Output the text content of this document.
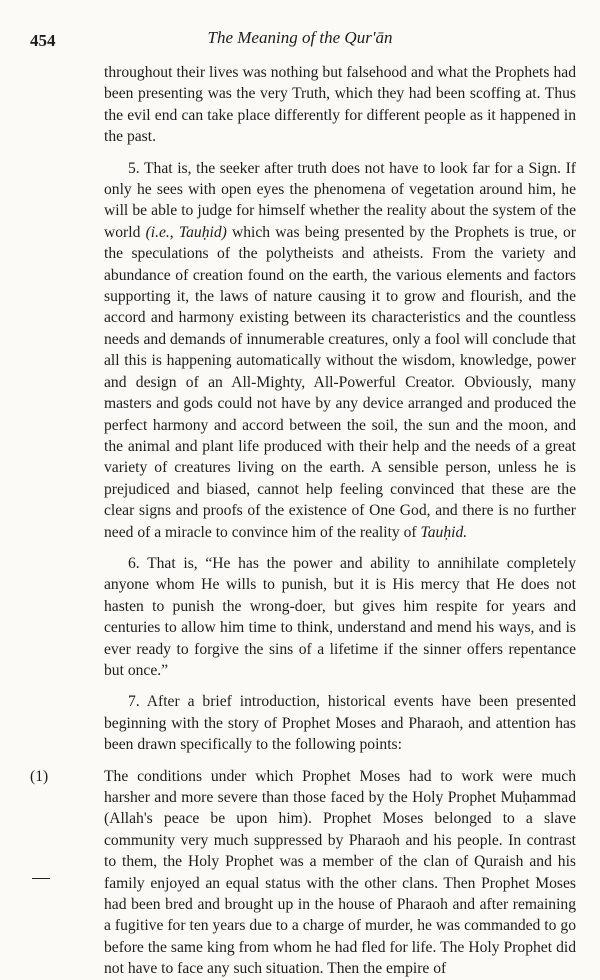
454	The Meaning of the Qur'ān

throughout their lives was nothing but falsehood and what the Prophets had been presenting was the very Truth, which they had been scoffing at. Thus the evil end can take place differently for different people as it happened in the past.

5. That is, the seeker after truth does not have to look far for a Sign. If only he sees with open eyes the phenomena of vegetation around him, he will be able to judge for himself whether the reality about the system of the world (i.e., Tauḥid) which was being presented by the Prophets is true, or the speculations of the polytheists and atheists. From the variety and abundance of creation found on the earth, the various elements and factors supporting it, the laws of nature causing it to grow and flourish, and the accord and harmony existing between its characteristics and the countless needs and demands of innumerable creatures, only a fool will conclude that all this is happening automatically without the wisdom, knowledge, power and design of an All-Mighty, All-Powerful Creator. Obviously, many masters and gods could not have by any device arranged and produced the perfect harmony and accord between the soil, the sun and the moon, and the animal and plant life produced with their help and the needs of a great variety of creatures living on the earth. A sensible person, unless he is prejudiced and biased, cannot help feeling convinced that these are the clear signs and proofs of the existence of One God, and there is no further need of a miracle to convince him of the reality of Tauḥid.

6. That is, “He has the power and ability to annihilate completely anyone whom He wills to punish, but it is His mercy that He does not hasten to punish the wrong-doer, but gives him respite for years and centuries to allow him time to think, understand and mend his ways, and is ever ready to forgive the sins of a lifetime if the sinner offers repentance but once.”

7. After a brief introduction, historical events have been presented beginning with the story of Prophet Moses and Pharaoh, and attention has been drawn specifically to the following points:

(1)	The conditions under which Prophet Moses had to work were much harsher and more severe than those faced by the Holy Prophet Muḥammad (Allah's peace be upon him). Prophet Moses belonged to a slave community very much suppressed by Pharaoh and his people. In contrast to them, the Holy Prophet was a member of the clan of Quraish and his family enjoyed an equal status with the other clans. Then Prophet Moses had been bred and brought up in the house of Pharaoh and after remaining a fugitive for ten years due to a charge of murder, he was commanded to go before the same king from whom he had fled for life. The Holy Prophet did not have to face any such situation. Then the empire of
